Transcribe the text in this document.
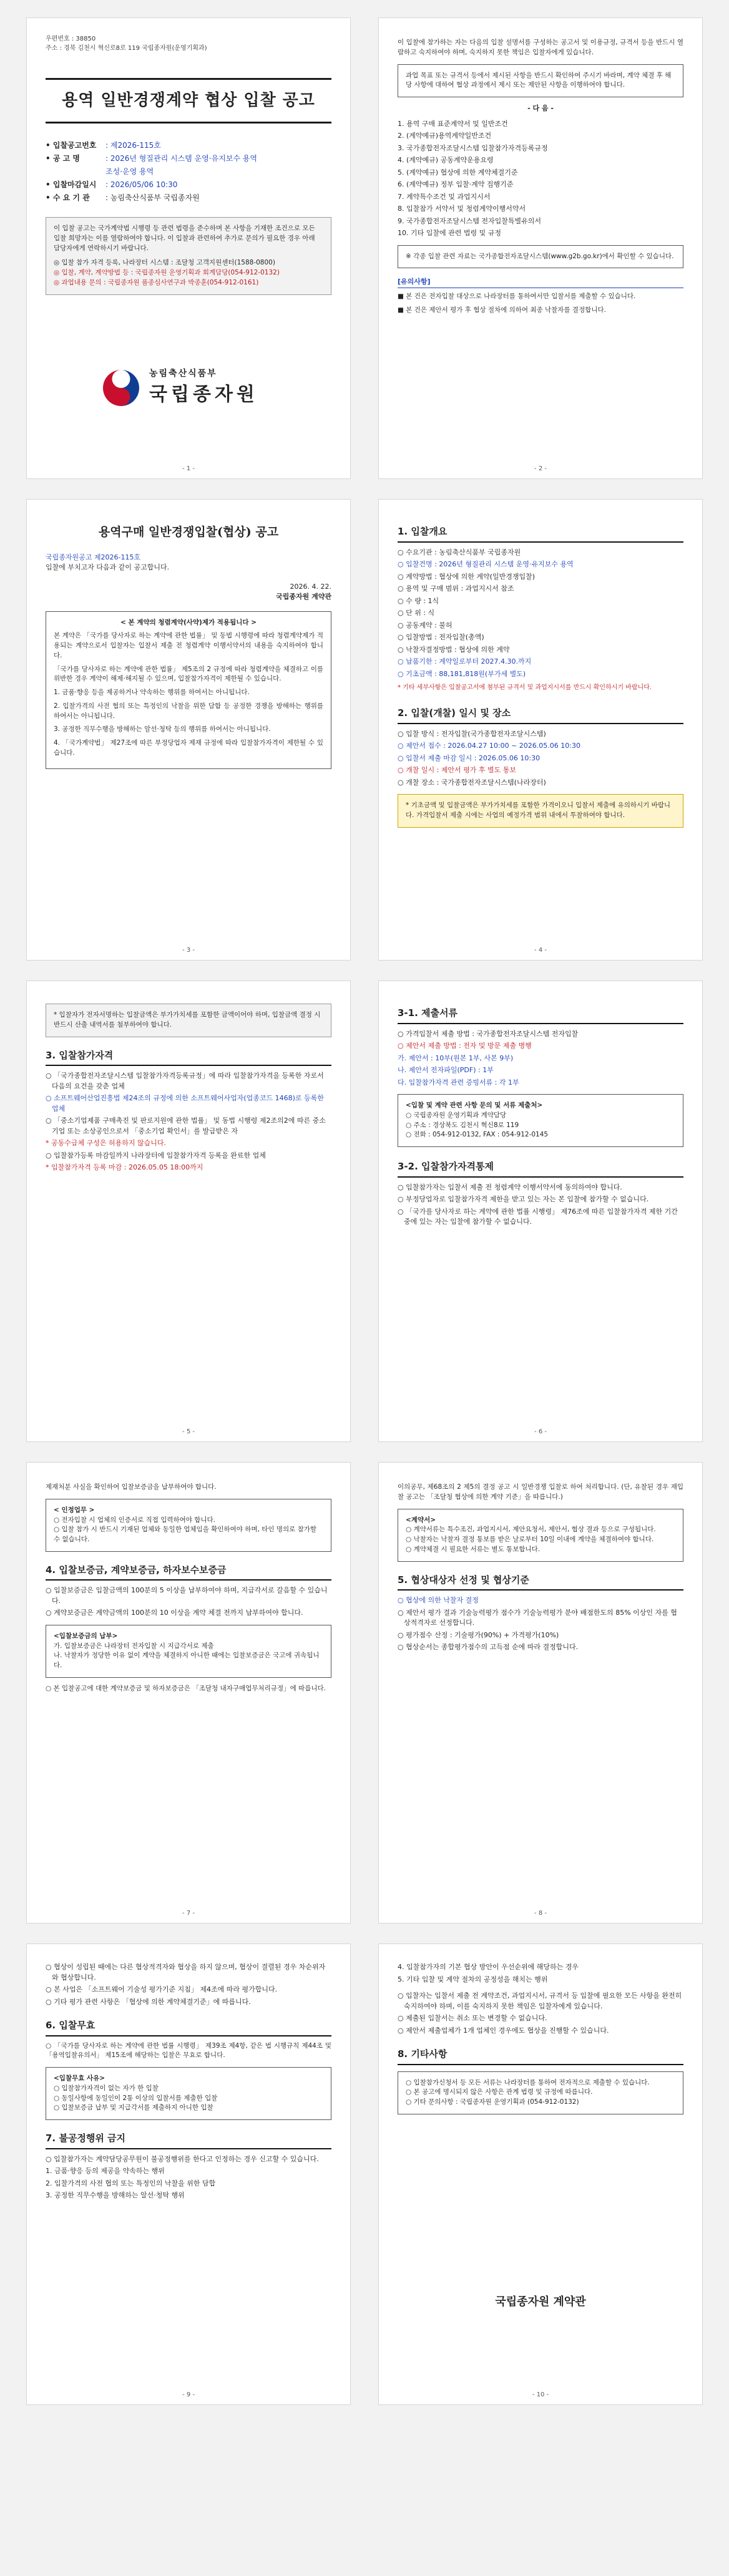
우편번호 : 38850
주소 : 경북 김천시 혁신로8로 119 국립종자원(운영기획과)
용역 일반경쟁계약 협상 입찰 공고
• 입찰공고번호	: 제2026-115호
• 공 고 명	: 2026년 형질관리 시스템 운영·유지보수 용역
조성·운영 용역
• 입찰마감일시	: 2026/05/06 10:30
• 수 요 기 관	: 농림축산식품부 국립종자원

이 입찰 공고는 국가계약법 시행령 등 관련 법령을 준수하며 본 사항을 기재한 조건으로 모든 입찰 희망자는 이를 열람하여야 합니다. 이 입찰과 관련하여 추가로 문의가 필요한 경우 아래 담당자에게 연락하시기 바랍니다.

◎ 입찰 참가 자격 등록, 나라장터 시스템 : 조달청 고객지원센터(1588-0800)

◎ 입찰, 계약, 계약방법 등 : 국립종자원 운영기획과 회계담당(054-912-0132)

◎ 과업내용 문의 : 국립종자원 품종심사연구과 박종훈(054-912-0161)

농림축산식품부
국립종자원
- 1 -

이 입찰에 참가하는 자는 다음의 입찰 설명서를 구성하는 공고서 및 이용규정, 규격서 등을 반드시 열람하고 숙지하여야 하며, 숙지하지 못한 책임은 입찰자에게 있습니다.

과업 목표 또는 규격서 등에서 제시된 사항을 반드시 확인하여 주시기 바라며, 계약 체결 후 해당 사항에 대하여 협상 과정에서 제시 또는 제안된 사항을 이행하여야 합니다.

- 다 음 -

1. 용역 구매 표준계약서 및 일반조건
2. (계약예규)용역계약일반조건
3. 국가종합전자조달시스템 입찰참가자격등록규정
4. (계약예규) 공동계약운용요령
5. (계약예규) 협상에 의한 계약체결기준
6. (계약예규) 정부 입찰·계약 집행기준
7. 계약특수조건 및 과업지시서
8. 입찰참가 서약서 및 청렴계약이행서약서
9. 국가종합전자조달시스템 전자입찰특별유의서
10. 기타 입찰에 관련 법령 및 규정

※ 각종 입찰 관련 자료는 국가종합전자조달시스템(www.g2b.go.kr)에서 확인할 수 있습니다.

[유의사항]

■ 본 건은 전자입찰 대상으로 나라장터를 통하여서만 입찰서를 제출할 수 있습니다.

■ 본 건은 제안서 평가 후 협상 절차에 의하여 최종 낙찰자를 결정합니다.

- 2 -
용역구매 일반경쟁입찰(협상) 공고

국립종자원공고 제2026-115호

입찰에 부치고자 다음과 같이 공고합니다.

2026. 4. 22.

국립종자원 계약관

< 본 계약의 청렴계약(사약)제가 적용됩니다 >

본 계약은 「국가를 당사자로 하는 계약에 관한 법률」 및 동법 시행령에 따라 청렴계약제가 적용되는 계약으로서 입찰자는 입찰서 제출 전 청렴계약 이행서약서의 내용을 숙지하여야 합니다.

「국가를 당사자로 하는 계약에 관한 법률」 제5조의 2 규정에 따라 청렴계약을 체결하고 이를 위반한 경우 계약이 해제·해지될 수 있으며, 입찰참가자격이 제한될 수 있습니다.

1. 금품·향응 등을 제공하거나 약속하는 행위를 하여서는 아니됩니다.

2. 입찰가격의 사전 협의 또는 특정인의 낙찰을 위한 담합 등 공정한 경쟁을 방해하는 행위를 하여서는 아니됩니다.

3. 공정한 직무수행을 방해하는 알선·청탁 등의 행위를 하여서는 아니됩니다.

4. 「국가계약법」 제27조에 따른 부정당업자 제재 규정에 따라 입찰참가자격이 제한될 수 있습니다.

- 3 -
1. 입찰개요
○ 수요기관 : 농림축산식품부 국립종자원
○ 입찰건명 : 2026년 형질관리 시스템 운영·유지보수 용역
○ 계약방법 : 협상에 의한 계약(일반경쟁입찰)
○ 용역 및 구매 범위 : 과업지시서 참조
○ 수 량 : 1식
○ 단 위 : 식
○ 공동계약 : 불허
○ 입찰방법 : 전자입찰(총액)
○ 낙찰자결정방법 : 협상에 의한 계약
○ 납품기한 : 계약일로부터 2027.4.30.까지
○ 기초금액 : 88,181,818원(부가세 별도)

* 기타 세부사항은 입찰공고서에 첨부된 규격서 및 과업지시서를 반드시 확인하시기 바랍니다.

2. 입찰(개찰) 일시 및 장소
○ 입찰 방식 : 전자입찰(국가종합전자조달시스템)
○ 제안서 접수 : 2026.04.27 10:00 ~ 2026.05.06 10:30
○ 입찰서 제출 마감 일시 : 2026.05.06 10:30
○ 개찰 일시 : 제안서 평가 후 별도 통보
○ 개찰 장소 : 국가종합전자조달시스템(나라장터)

* 기초금액 및 입찰금액은 부가가치세를 포함한 가격이오니 입찰서 제출에 유의하시기 바랍니다. 가격입찰서 제출 시에는 사업의 예정가격 범위 내에서 투찰하여야 합니다.

- 4 -

* 입찰자가 전자서명하는 입찰금액은 부가가치세를 포함한 금액이어야 하며, 입찰금액 결정 시 반드시 산출 내역서를 첨부하여야 합니다.

3. 입찰참가자격
○ 「국가종합전자조달시스템 입찰참가자격등록규정」에 따라 입찰참가자격을 등록한 자로서 다음의 요건을 갖춘 업체
○ 소프트웨어산업진흥법 제24조의 규정에 의한 소프트웨어사업자(업종코드 1468)로 등록한 업체
○ 「중소기업제품 구매촉진 및 판로지원에 관한 법률」 및 동법 시행령 제2조의2에 따른 중소기업 또는 소상공인으로서 「중소기업 확인서」를 발급받은 자
* 공동수급체 구성은 허용하지 않습니다.
○ 입찰참가등록 마감일까지 나라장터에 입찰참가자격 등록을 완료한 업체
* 입찰참가자격 등록 마감 : 2026.05.05 18:00까지
- 5 -
3-1. 제출서류
○ 가격입찰서 제출 방법 : 국가종합전자조달시스템 전자입찰
○ 제안서 제출 방법 : 전자 및 방문 제출 병행
가. 제안서 : 10부(원본 1부, 사본 9부)
나. 제안서 전자파일(PDF) : 1부
다. 입찰참가자격 관련 증빙서류 : 각 1부

<입찰 및 계약 관련 사항 문의 및 서류 제출처>

○ 국립종자원 운영기획과 계약담당

○ 주소 : 경상북도 김천시 혁신8로 119

○ 전화 : 054-912-0132, FAX : 054-912-0145

3-2. 입찰참가자격통제
○ 입찰참가자는 입찰서 제출 전 청렴계약 이행서약서에 동의하여야 합니다.
○ 부정당업자로 입찰참가자격 제한을 받고 있는 자는 본 입찰에 참가할 수 없습니다.
○ 「국가를 당사자로 하는 계약에 관한 법률 시행령」 제76조에 따른 입찰참가자격 제한 기간 중에 있는 자는 입찰에 참가할 수 없습니다.
- 6 -

제재처분 사실을 확인하여 입찰보증금을 납부하여야 합니다.

< 인정업무 >

○ 전자입찰 시 업체의 인증서로 직접 입력하여야 합니다.

○ 입찰 참가 시 반드시 기재된 업체와 동일한 업체임을 확인하여야 하며, 타인 명의로 참가할 수 없습니다.

4. 입찰보증금, 계약보증금, 하자보수보증금
○ 입찰보증금은 입찰금액의 100분의 5 이상을 납부하여야 하며, 지급각서로 갈음할 수 있습니다.
○ 계약보증금은 계약금액의 100분의 10 이상을 계약 체결 전까지 납부하여야 합니다.

<입찰보증금의 납부>

가. 입찰보증금은 나라장터 전자입찰 시 지급각서로 제출

나. 낙찰자가 정당한 이유 없이 계약을 체결하지 아니한 때에는 입찰보증금은 국고에 귀속됩니다.

○ 본 입찰공고에 대한 계약보증금 및 하자보증금은 「조달청 내자구매업무처리규정」에 따릅니다.

- 7 -

이의공무, 제68조의 2 제5의 결정 공고 시 일반경쟁 입찰로 하여 처리합니다. (단, 유찰된 경우 재입찰 공고는 「조달청 협상에 의한 계약 기준」을 따릅니다.)

<계약서>

○ 계약서류는 특수조건, 과업지시서, 제안요청서, 제안서, 협상 결과 등으로 구성됩니다.

○ 낙찰자는 낙찰자 결정 통보를 받은 날로부터 10일 이내에 계약을 체결하여야 합니다.

○ 계약체결 시 필요한 서류는 별도 통보합니다.

5. 협상대상자 선정 및 협상기준
○ 협상에 의한 낙찰자 결정
○ 제안서 평가 결과 기술능력평가 점수가 기술능력평가 분야 배점한도의 85% 이상인 자를 협상적격자로 선정합니다.
○ 평가점수 산정 : 기술평가(90%) + 가격평가(10%)
○ 협상순서는 종합평가점수의 고득점 순에 따라 결정합니다.
- 8 -
○ 협상이 성립된 때에는 다른 협상적격자와 협상을 하지 않으며, 협상이 결렬된 경우 차순위자와 협상합니다.
○ 본 사업은 「소프트웨어 기술성 평가기준 지침」 제4조에 따라 평가합니다.
○ 기타 평가 관련 사항은 「협상에 의한 계약체결기준」에 따릅니다.
6. 입찰무효

○ 「국가를 당사자로 하는 계약에 관한 법률 시행령」 제39조 제4항, 같은 법 시행규칙 제44조 및 「용역입찰유의서」 제15조에 해당하는 입찰은 무효로 합니다.

<입찰무효 사유>

○ 입찰참가자격이 없는 자가 한 입찰

○ 동일사항에 동일인이 2통 이상의 입찰서를 제출한 입찰

○ 입찰보증금 납부 및 지급각서를 제출하지 아니한 입찰

7. 불공정행위 금지
○ 입찰참가자는 계약담당공무원이 불공정행위를 한다고 인정하는 경우 신고할 수 있습니다.
1. 금품·향응 등의 제공을 약속하는 행위
2. 입찰가격의 사전 협의 또는 특정인의 낙찰을 위한 담합
3. 공정한 직무수행을 방해하는 알선·청탁 행위
- 9 -
4. 입찰참가자의 기본 협상 방안이 우선순위에 해당하는 경우
5. 기타 입찰 및 계약 절차의 공정성을 해치는 행위
○ 입찰자는 입찰서 제출 전 계약조건, 과업지시서, 규격서 등 입찰에 필요한 모든 사항을 완전히 숙지하여야 하며, 이를 숙지하지 못한 책임은 입찰자에게 있습니다.
○ 제출된 입찰서는 취소 또는 변경할 수 없습니다.
○ 제안서 제출업체가 1개 업체인 경우에도 협상을 진행할 수 있습니다.
8. 기타사항

○ 입찰참가신청서 등 모든 서류는 나라장터를 통하여 전자적으로 제출할 수 있습니다.

○ 본 공고에 명시되지 않은 사항은 관계 법령 및 규정에 따릅니다.

○ 기타 문의사항 : 국립종자원 운영기획과 (054-912-0132)

국립종자원 계약관
- 10 -
